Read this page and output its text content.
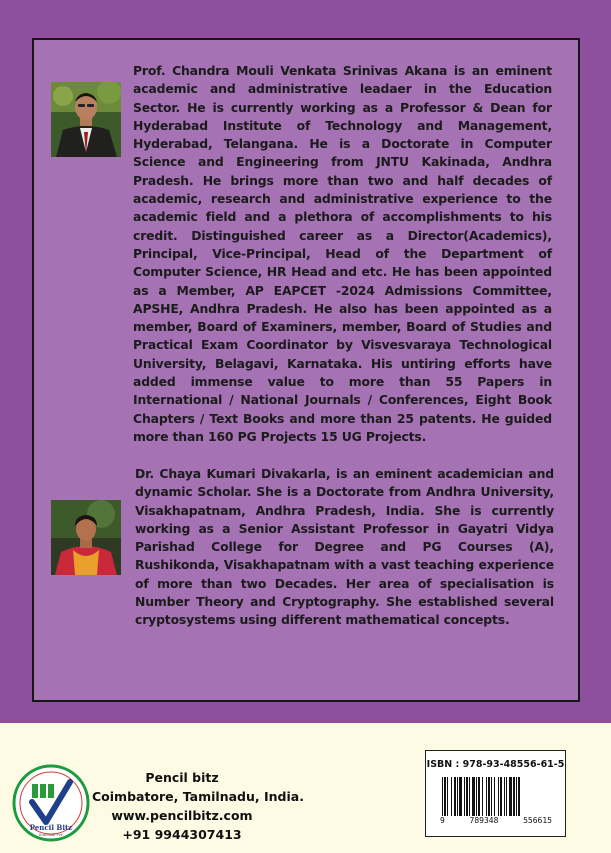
Prof. Chandra Mouli Venkata Srinivas Akana is an eminent academic and administrative leadaer in the Education Sector. He is currently working as a Professor & Dean for Hyderabad Institute of Technology and Management, Hyderabad, Telangana. He is a Doctorate in Computer Science and Engineering from JNTU Kakinada, Andhra Pradesh. He brings more than two and half decades of academic, research and administrative experience to the academic field and a plethora of accomplishments to his credit. Distinguished career as a Director(Academics), Principal, Vice-Principal, Head of the Department of Computer Science, HR Head and etc. He has been appointed as a Member, AP EAPCET -2024 Admissions Committee, APSHE, Andhra Pradesh. He also has been appointed as a member, Board of Examiners, member, Board of Studies and Practical Exam Coordinator by Visvesvaraya Technological University, Belagavi, Karnataka. His untiring efforts have added immense value to more than 55 Papers in International / National Journals / Conferences, Eight Book Chapters / Text Books and more than 25 patents. He guided more than 160 PG Projects 15 UG Projects.

Dr. Chaya Kumari Divakarla, is an eminent academician and dynamic Scholar. She is a Doctorate from Andhra University, Visakhapatnam, Andhra Pradesh, India. She is currently working as a Senior Assistant Professor in Gayatri Vidya Parishad College for Degree and PG Courses (A), Rushikonda, Visakhapatnam with a vast teaching experience of more than two Decades. Her area of specialisation is Number Theory and Cryptography. She established several cryptosystems using different mathematical concepts.

Pencil Bitz
Gratitude Pvt.
Pencil bitz
Coimbatore, Tamilnadu, India.
www.pencilbitz.com
+91 9944307413
ISBN : 978-93-48556-61-5
9	789348	556615
